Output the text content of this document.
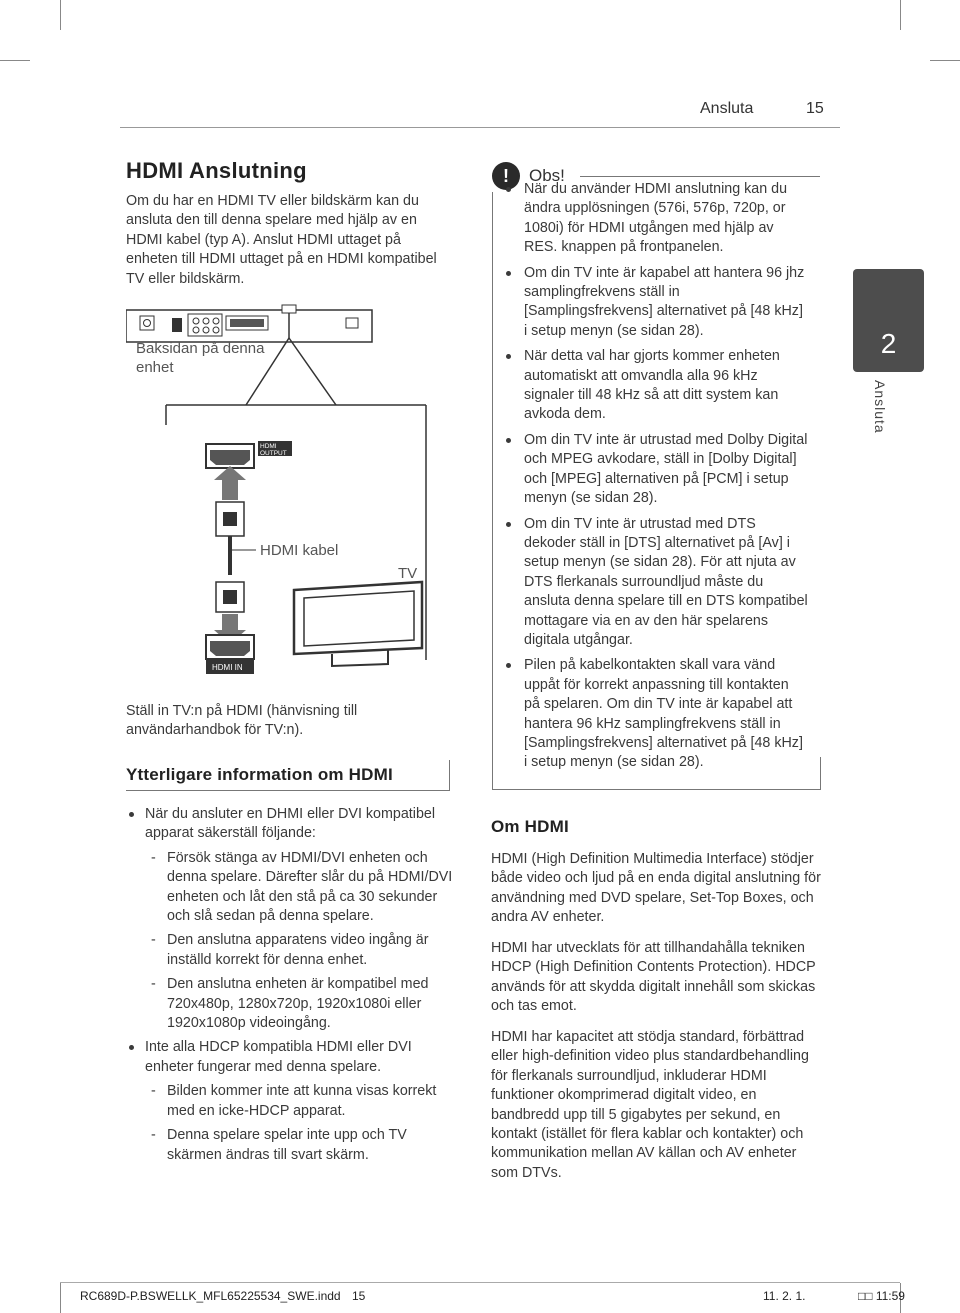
Ansluta	15
HDMI Anslutning

Om du har en HDMI TV eller bildskärm kan du ansluta den till denna spelare med hjälp av en HDMI kabel (typ A). Anslut HDMI uttaget på enheten till HDMI uttaget på en HDMI kompatibel TV eller bildskärm.

Baksidan på denna
enhet
HDMI
OUTPUT
HDMI kabel
HDMI IN
TV

Ställ in TV:n på HDMI (hänvisning till användarhandbok för TV:n).

Ytterligare information om HDMI
När du ansluter en DHMI eller DVI kompatibel apparat säkerställ följande:
- Försök stänga av HDMI/DVI enheten och denna spelare. Därefter slår du på HDMI/DVI enheten och låt den stå på ca 30 sekunder och slå sedan på denna spelare.
- Den anslutna apparatens video ingång är inställd korrekt för denna enhet.
- Den anslutna enheten är kompatibel med 720x480p, 1280x720p, 1920x1080i eller 1920x1080p videoingång.
Inte alla HDCP kompatibla HDMI eller DVI enheter fungerar med denna spelare.
- Bilden kommer inte att kunna visas korrekt med en icke-HDCP apparat.
- Denna spelare spelar inte upp och TV skärmen ändras till svart skärm.
!	Obs!
När du använder HDMI anslutning kan du ändra upplösningen (576i, 576p, 720p, or 1080i) för HDMI utgången med hjälp av RES. knappen på frontpanelen.
Om din TV inte är kapabel att hantera 96 jhz samplingfrekvens ställ in [Samplingsfrekvens] alternativet på [48 kHz] i setup menyn (se sidan 28).
När detta val har gjorts kommer enheten automatiskt att omvandla alla 96 kHz signaler till 48 kHz så att ditt system kan avkoda dem.
Om din TV inte är utrustad med Dolby Digital och MPEG avkodare, ställ in [Dolby Digital] och [MPEG] alternativen på [PCM] i setup menyn (se sidan 28).
Om din TV inte är utrustad med DTS dekoder ställ in [DTS] alternativet på [Av] i setup menyn (se sidan 28). För att njuta av DTS flerkanals surroundljud måste du ansluta denna spelare till en DTS kompatibel mottagare via en av den här spelarens digitala utgångar.
Pilen på kabelkontakten skall vara vänd uppåt för korrekt anpassning till kontakten på spelaren. Om din TV inte är kapabel att hantera 96 kHz samplingfrekvens ställ in [Samplingsfrekvens] alternativet på [48 kHz] i setup menyn (se sidan 28).
Om HDMI

HDMI (High Definition Multimedia Interface) stödjer både video och ljud på en enda digital anslutning för användning med DVD spelare, Set-Top Boxes, och andra AV enheter.

HDMI har utvecklats för att tillhandahålla tekniken HDCP (High Definition Contents Protection). HDCP används för att skydda digitalt innehåll som skickas och tas emot.

HDMI har kapacitet att stödja standard, förbättrad eller high-definition video plus standardbehandling för flerkanals surroundljud, inkluderar HDMI funktioner okomprimerad digitalt video, en bandbredd upp till 5 gigabytes per sekund, en kontakt (istället för flera kablar och kontakter) och kommunikation mellan AV källan och AV enheter som DTVs.

2
Ansluta
RC689D-P.BSWELLK_MFL65225534_SWE.indd 15	11. 2. 1.	□□ 11:59
